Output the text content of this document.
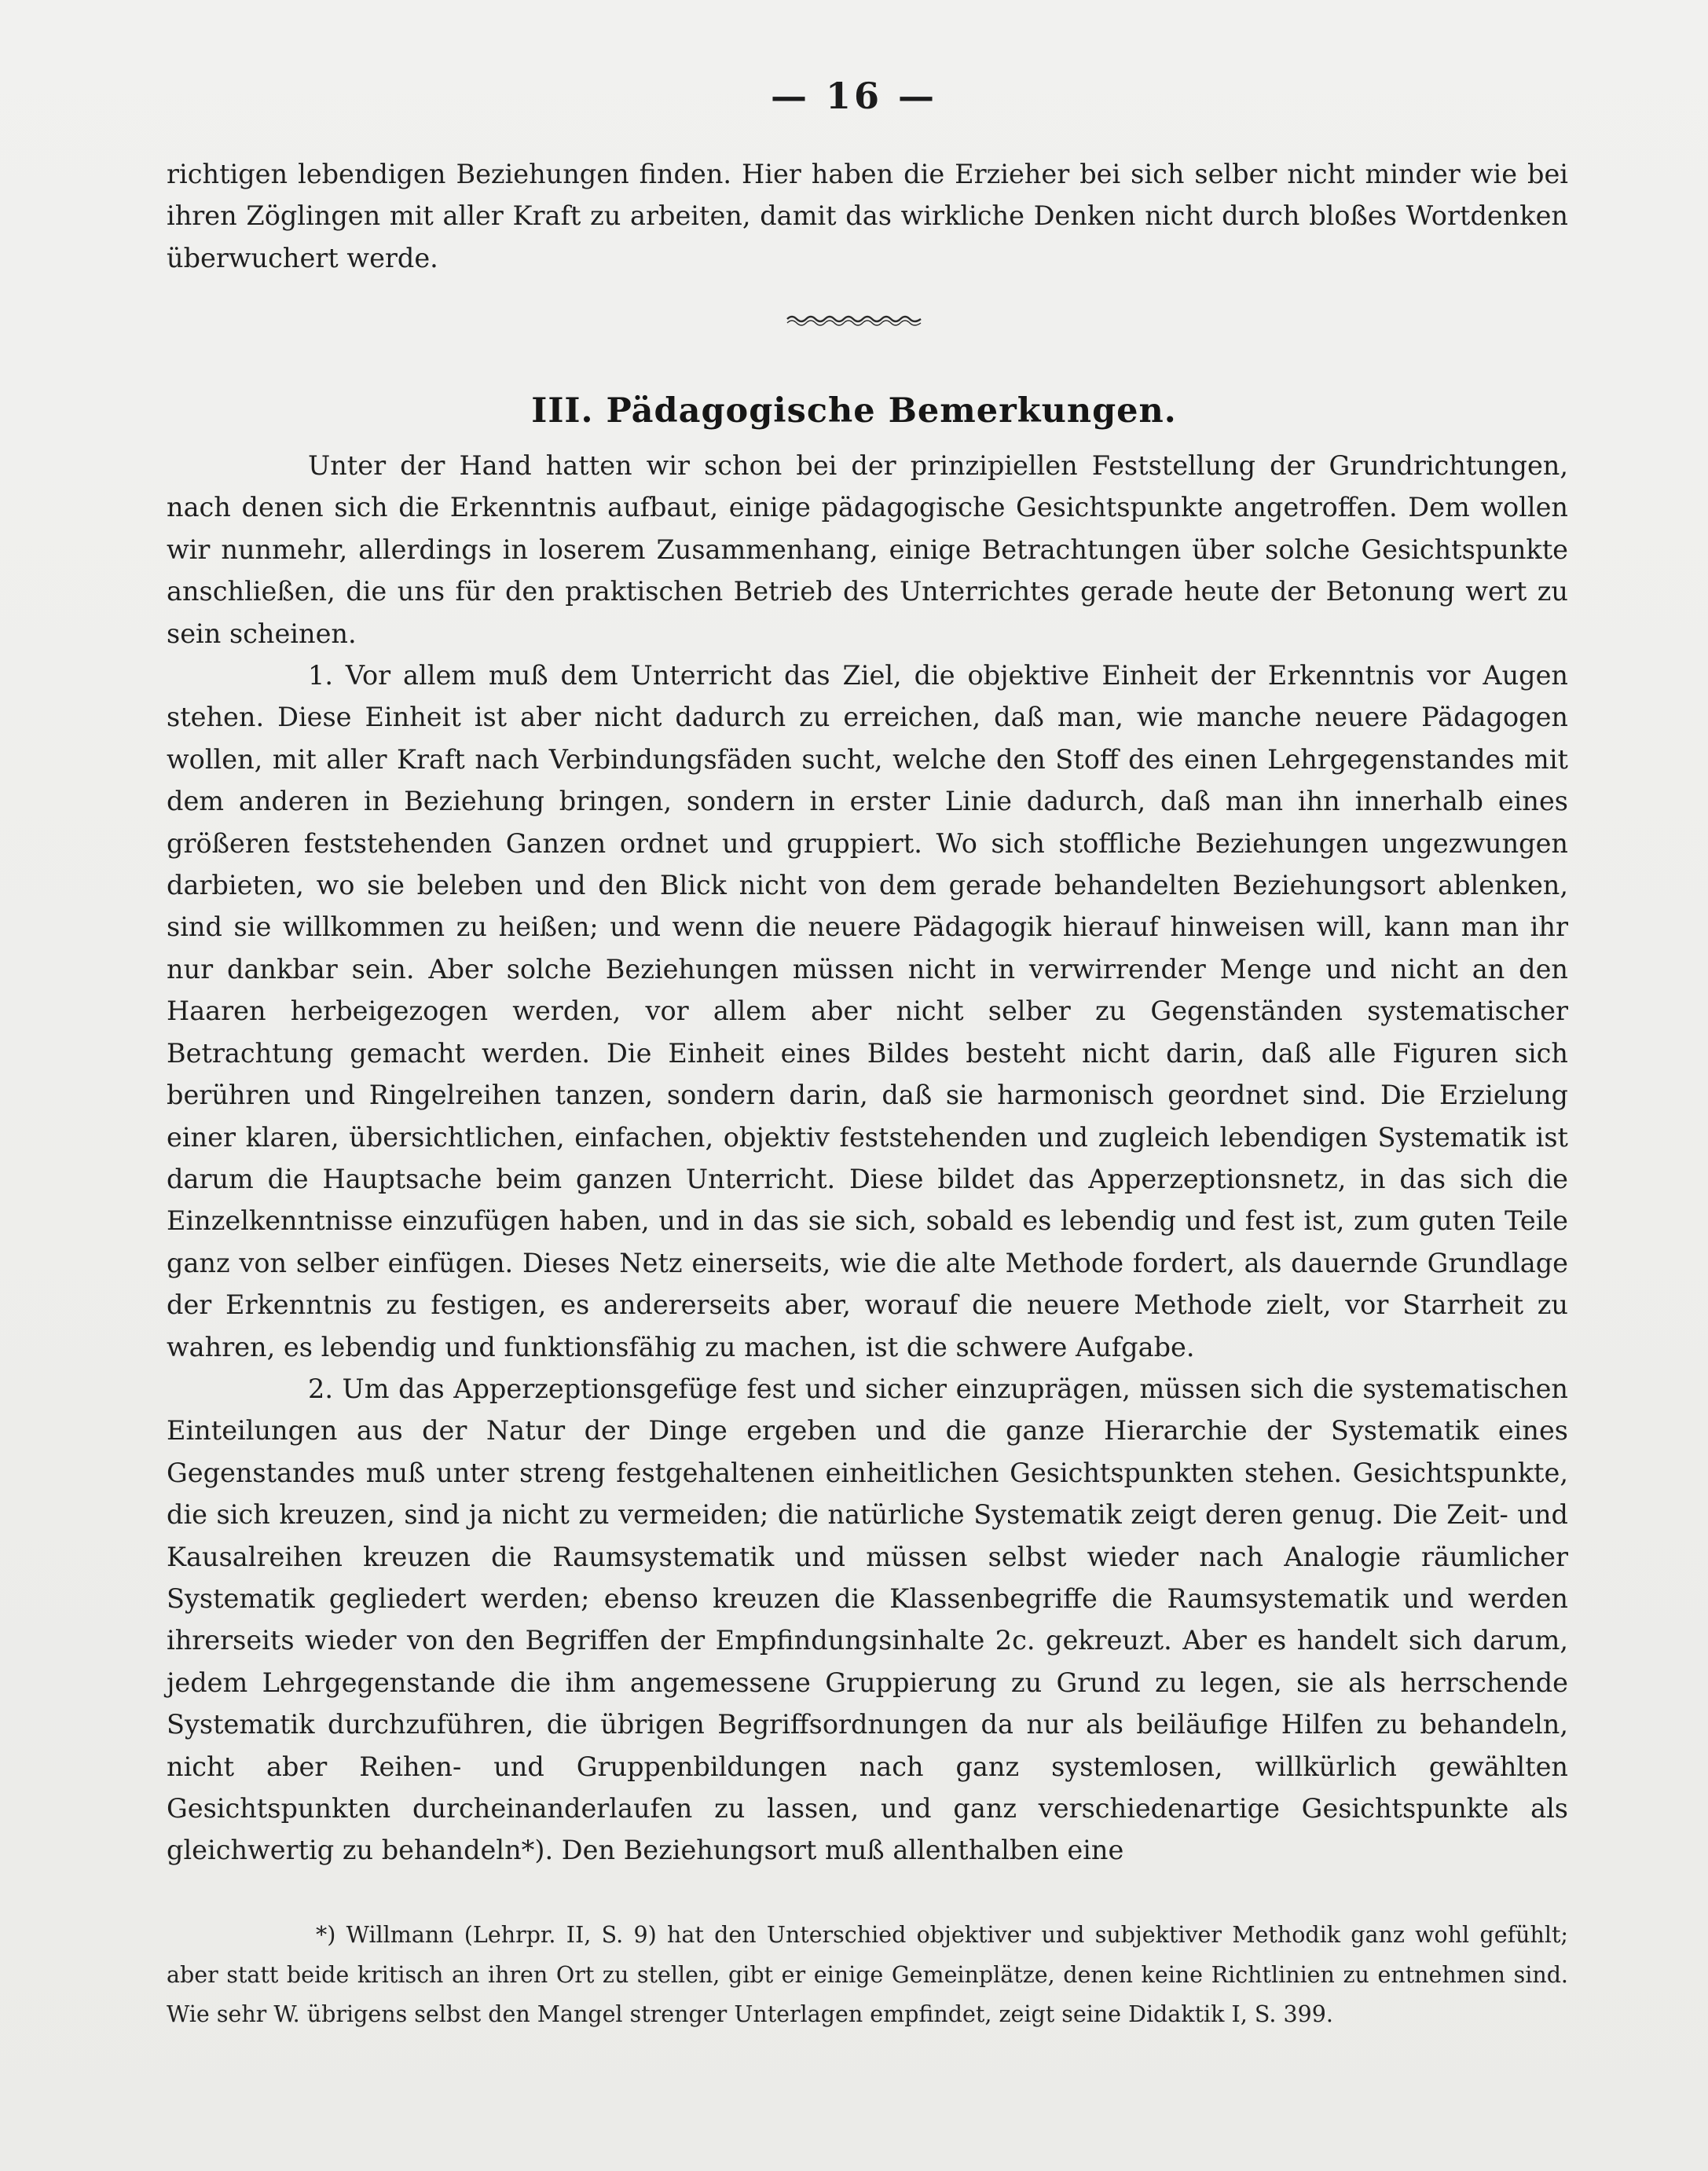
— 16 —

richtigen lebendigen Beziehungen finden. Hier haben die Erzieher bei sich selber nicht minder wie bei ihren Zöglingen mit aller Kraft zu arbeiten, damit das wirkliche Denken nicht durch bloßes Wortdenken überwuchert werde.

III. Pädagogische Bemerkungen.

Unter der Hand hatten wir schon bei der prinzipiellen Feststellung der Grundrichtungen, nach denen sich die Erkenntnis aufbaut, einige pädagogische Gesichtspunkte angetroffen. Dem wollen wir nunmehr, allerdings in loserem Zusammenhang, einige Betrachtungen über solche Gesichtspunkte anschließen, die uns für den praktischen Betrieb des Unterrichtes gerade heute der Betonung wert zu sein scheinen.

1. Vor allem muß dem Unterricht das Ziel, die objektive Einheit der Erkenntnis vor Augen stehen. Diese Einheit ist aber nicht dadurch zu erreichen, daß man, wie manche neuere Pädagogen wollen, mit aller Kraft nach Verbindungsfäden sucht, welche den Stoff des einen Lehrgegenstandes mit dem anderen in Beziehung bringen, sondern in erster Linie dadurch, daß man ihn innerhalb eines größeren feststehenden Ganzen ordnet und gruppiert. Wo sich stoffliche Beziehungen ungezwungen darbieten, wo sie beleben und den Blick nicht von dem gerade behandelten Beziehungsort ablenken, sind sie willkommen zu heißen; und wenn die neuere Pädagogik hierauf hinweisen will, kann man ihr nur dankbar sein. Aber solche Beziehungen müssen nicht in verwirrender Menge und nicht an den Haaren herbeigezogen werden, vor allem aber nicht selber zu Gegenständen systematischer Betrachtung gemacht werden. Die Einheit eines Bildes besteht nicht darin, daß alle Figuren sich berühren und Ringelreihen tanzen, sondern darin, daß sie harmonisch geordnet sind. Die Erzielung einer klaren, übersichtlichen, einfachen, objektiv feststehenden und zugleich lebendigen Systematik ist darum die Hauptsache beim ganzen Unterricht. Diese bildet das Apperzeptionsnetz, in das sich die Einzelkenntnisse einzufügen haben, und in das sie sich, sobald es lebendig und fest ist, zum guten Teile ganz von selber einfügen. Dieses Netz einerseits, wie die alte Methode fordert, als dauernde Grundlage der Erkenntnis zu festigen, es andererseits aber, worauf die neuere Methode zielt, vor Starrheit zu wahren, es lebendig und funktionsfähig zu machen, ist die schwere Aufgabe.

2. Um das Apperzeptionsgefüge fest und sicher einzuprägen, müssen sich die systematischen Einteilungen aus der Natur der Dinge ergeben und die ganze Hierarchie der Systematik eines Gegenstandes muß unter streng festgehaltenen einheitlichen Gesichtspunkten stehen. Gesichtspunkte, die sich kreuzen, sind ja nicht zu vermeiden; die natürliche Systematik zeigt deren genug. Die Zeit- und Kausalreihen kreuzen die Raumsystematik und müssen selbst wieder nach Analogie räumlicher Systematik gegliedert werden; ebenso kreuzen die Klassenbegriffe die Raumsystematik und werden ihrerseits wieder von den Begriffen der Empfindungsinhalte 2c. gekreuzt. Aber es handelt sich darum, jedem Lehrgegenstande die ihm angemessene Gruppierung zu Grund zu legen, sie als herrschende Systematik durchzuführen, die übrigen Begriffsordnungen da nur als beiläufige Hilfen zu behandeln, nicht aber Reihen- und Gruppenbildungen nach ganz systemlosen, willkürlich gewählten Gesichtspunkten durcheinanderlaufen zu lassen, und ganz verschiedenartige Gesichtspunkte als gleichwertig zu behandeln*). Den Beziehungsort muß allenthalben eine

*) Willmann (Lehrpr. II, S. 9) hat den Unterschied objektiver und subjektiver Methodik ganz wohl gefühlt; aber statt beide kritisch an ihren Ort zu stellen, gibt er einige Gemeinplätze, denen keine Richtlinien zu entnehmen sind. Wie sehr W. übrigens selbst den Mangel strenger Unterlagen empfindet, zeigt seine Didaktik I, S. 399.
